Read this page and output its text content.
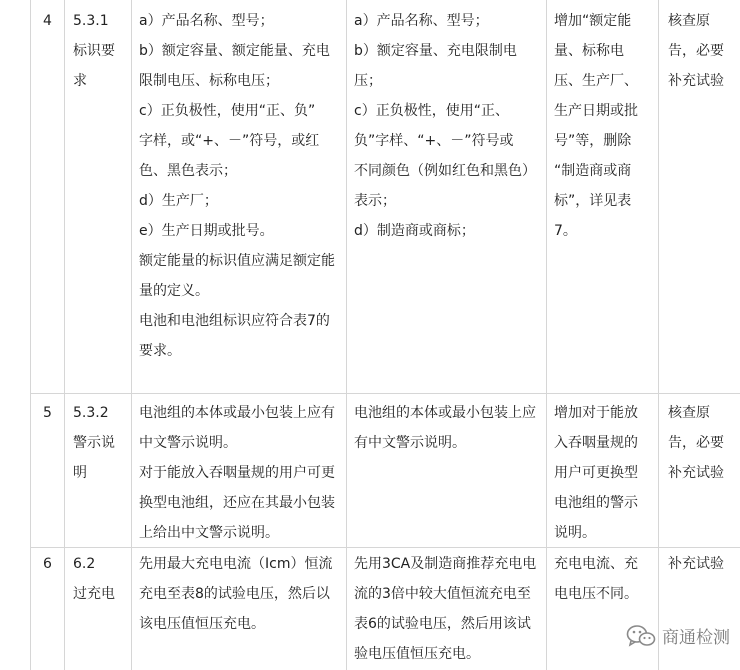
4 5.3.1

标识要

求

a）产品名称、型号；

b）额定容量、额定能量、充电

限制电压、标称电压；

c）正负极性，使用“正、负”

字样，或“+、－”符号，或红

色、黑色表示；

d）生产厂；

e）生产日期或批号。

额定能量的标识值应满足额定能

量的定义。

电池和电池组标识应符合表7的

要求。

a）产品名称、型号；

b）额定容量、充电限制电

压；

c）正负极性，使用“正、

负”字样、“+、－”符号或

不同颜色（例如红色和黑色）

表示；

d）制造商或商标；

增加“额定能

量、标称电

压、生产厂、

生产日期或批

号”等，删除

“制造商或商

标”，详见表

7。

核查原

告，必要

补充试验

5 5.3.2

警示说

明

电池组的本体或最小包装上应有

中文警示说明。

对于能放入吞咽量规的用户可更

换型电池组，还应在其最小包装

上给出中文警示说明。

电池组的本体或最小包装上应

有中文警示说明。

增加对于能放

入吞咽量规的

用户可更换型

电池组的警示

说明。

核查原

告，必要

补充试验

6 6.2

过充电

先用最大充电电流（Icm）恒流

充电至表8的试验电压，然后以

该电压值恒压充电。

先用3CA及制造商推荐充电电

流的3倍中较大值恒流充电至

表6的试验电压，然后用该试

验电压值恒压充电。

充电电流、充

电电压不同。

补充试验

商通检测
